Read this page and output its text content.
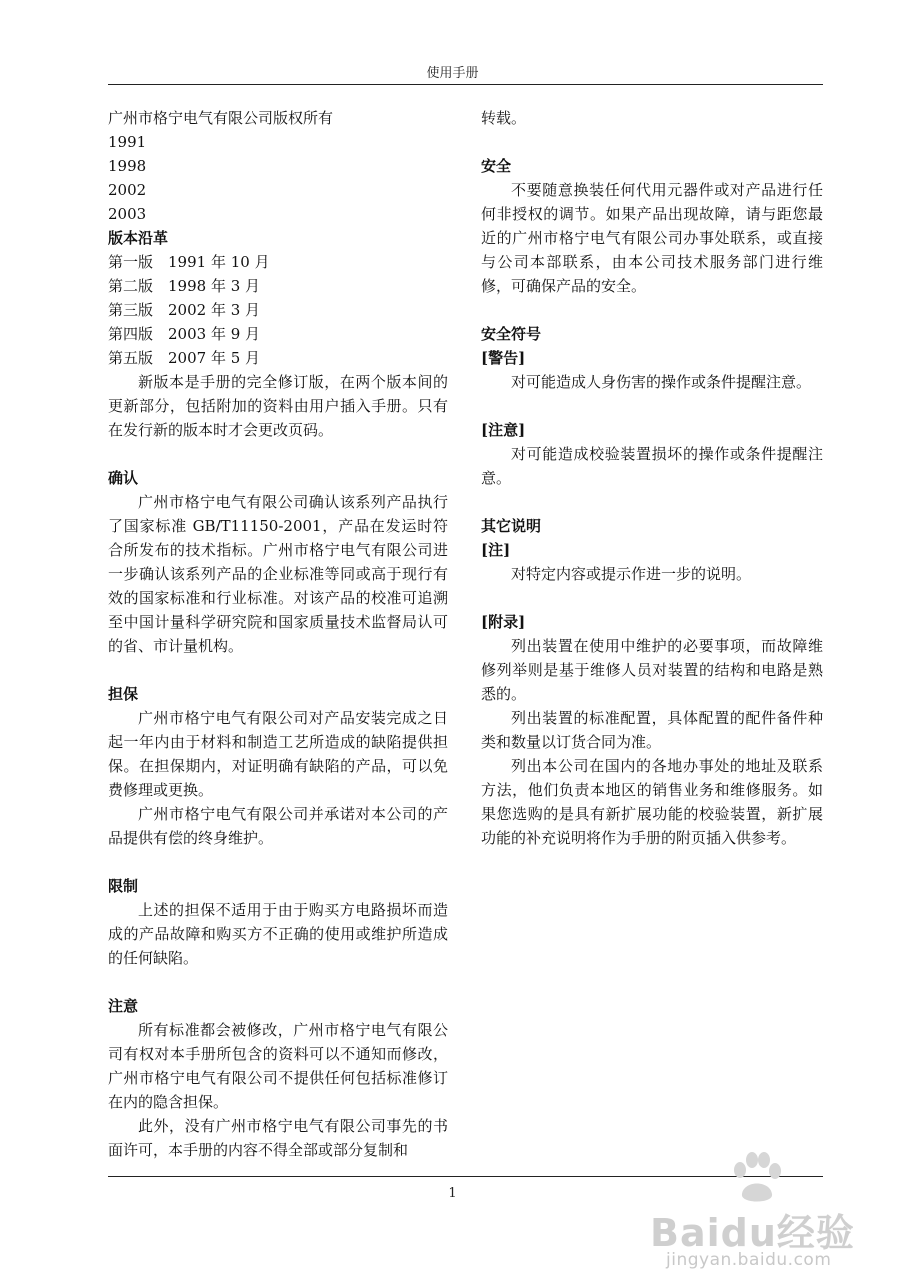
使用手册

广州市格宁电气有限公司版权所有

1991

1998

2002

2003

版本沿革
第一版 1991 年 10 月
第二版 1998 年 3 月
第三版 2002 年 3 月
第四版 2003 年 9 月
第五版 2007 年 5 月

新版本是手册的完全修订版，在两个版本间的更新部分，包括附加的资料由用户插入手册。只有在发行新的版本时才会更改页码。

确认

广州市格宁电气有限公司确认该系列产品执行了国家标准 GB/T11150-2001，产品在发运时符合所发布的技术指标。广州市格宁电气有限公司进一步确认该系列产品的企业标准等同或高于现行有效的国家标准和行业标准。对该产品的校准可追溯至中国计量科学研究院和国家质量技术监督局认可的省、市计量机构。

担保

广州市格宁电气有限公司对产品安装完成之日起一年内由于材料和制造工艺所造成的缺陷提供担保。在担保期内，对证明确有缺陷的产品，可以免费修理或更换。

广州市格宁电气有限公司并承诺对本公司的产品提供有偿的终身维护。

限制

上述的担保不适用于由于购买方电路损坏而造成的产品故障和购买方不正确的使用或维护所造成的任何缺陷。

注意

所有标准都会被修改，广州市格宁电气有限公司有权对本手册所包含的资料可以不通知而修改，广州市格宁电气有限公司不提供任何包括标准修订在内的隐含担保。

此外，没有广州市格宁电气有限公司事先的书面许可，本手册的内容不得全部或部分复制和

转载。

安全

不要随意换装任何代用元器件或对产品进行任何非授权的调节。如果产品出现故障，请与距您最近的广州市格宁电气有限公司办事处联系，或直接与公司本部联系，由本公司技术服务部门进行维修，可确保产品的安全。

安全符号
[警告]

对可能造成人身伤害的操作或条件提醒注意。

[注意]

对可能造成校验装置损坏的操作或条件提醒注意。

其它说明
[注]

对特定内容或提示作进一步的说明。

[附录]

列出装置在使用中维护的必要事项，而故障维修列举则是基于维修人员对装置的结构和电路是熟悉的。

列出装置的标准配置，具体配置的配件备件种类和数量以订货合同为准。

列出本公司在国内的各地办事处的地址及联系方法，他们负责本地区的销售业务和维修服务。如果您选购的是具有新扩展功能的校验装置，新扩展功能的补充说明将作为手册的附页插入供参考。

1
Baidu经验
jingyan.baidu.com
